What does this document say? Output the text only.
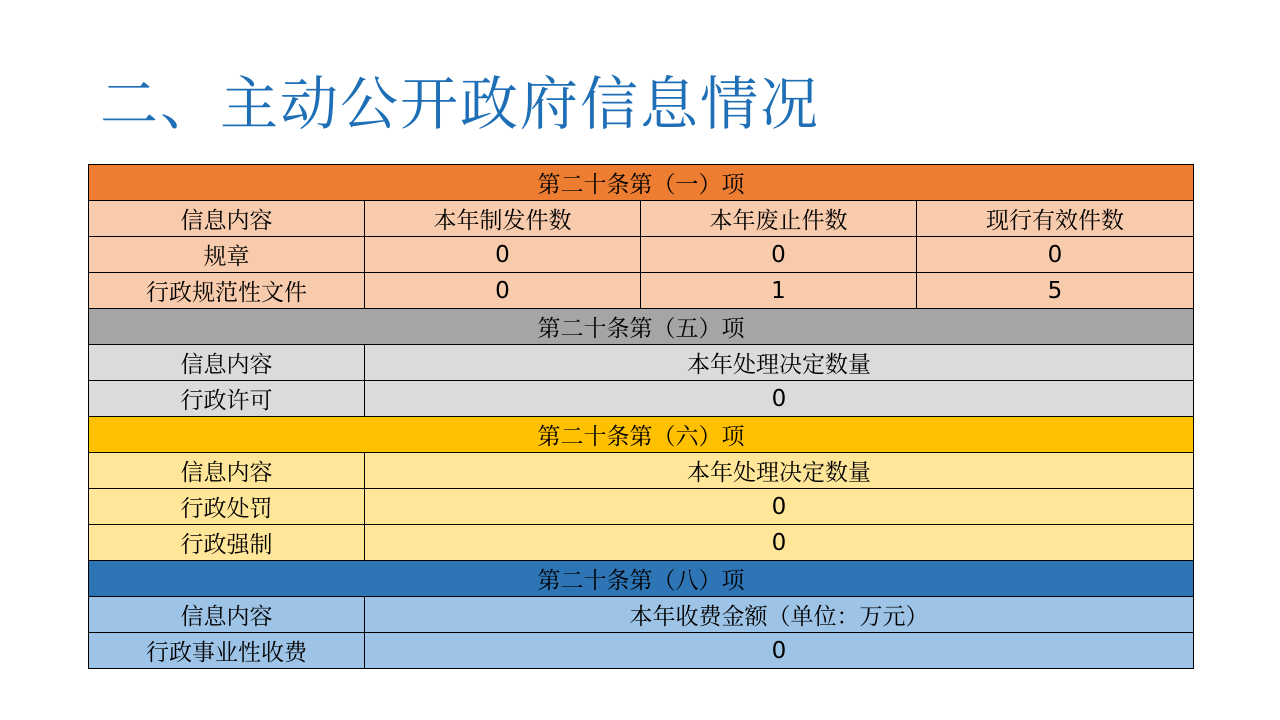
二、主动公开政府信息情况
第二十条第（一）项			
信息内容	本年制发件数	本年废止件数	现行有效件数
规章	0	0	0
行政规范性文件	0	1	5
第二十条第（五）项			
信息内容	本年处理决定数量		
行政许可	0		
第二十条第（六）项			
信息内容	本年处理决定数量		
行政处罚	0		
行政强制	0		
第二十条第（八）项			
信息内容	本年收费金额（单位：万元）		
行政事业性收费	0		
